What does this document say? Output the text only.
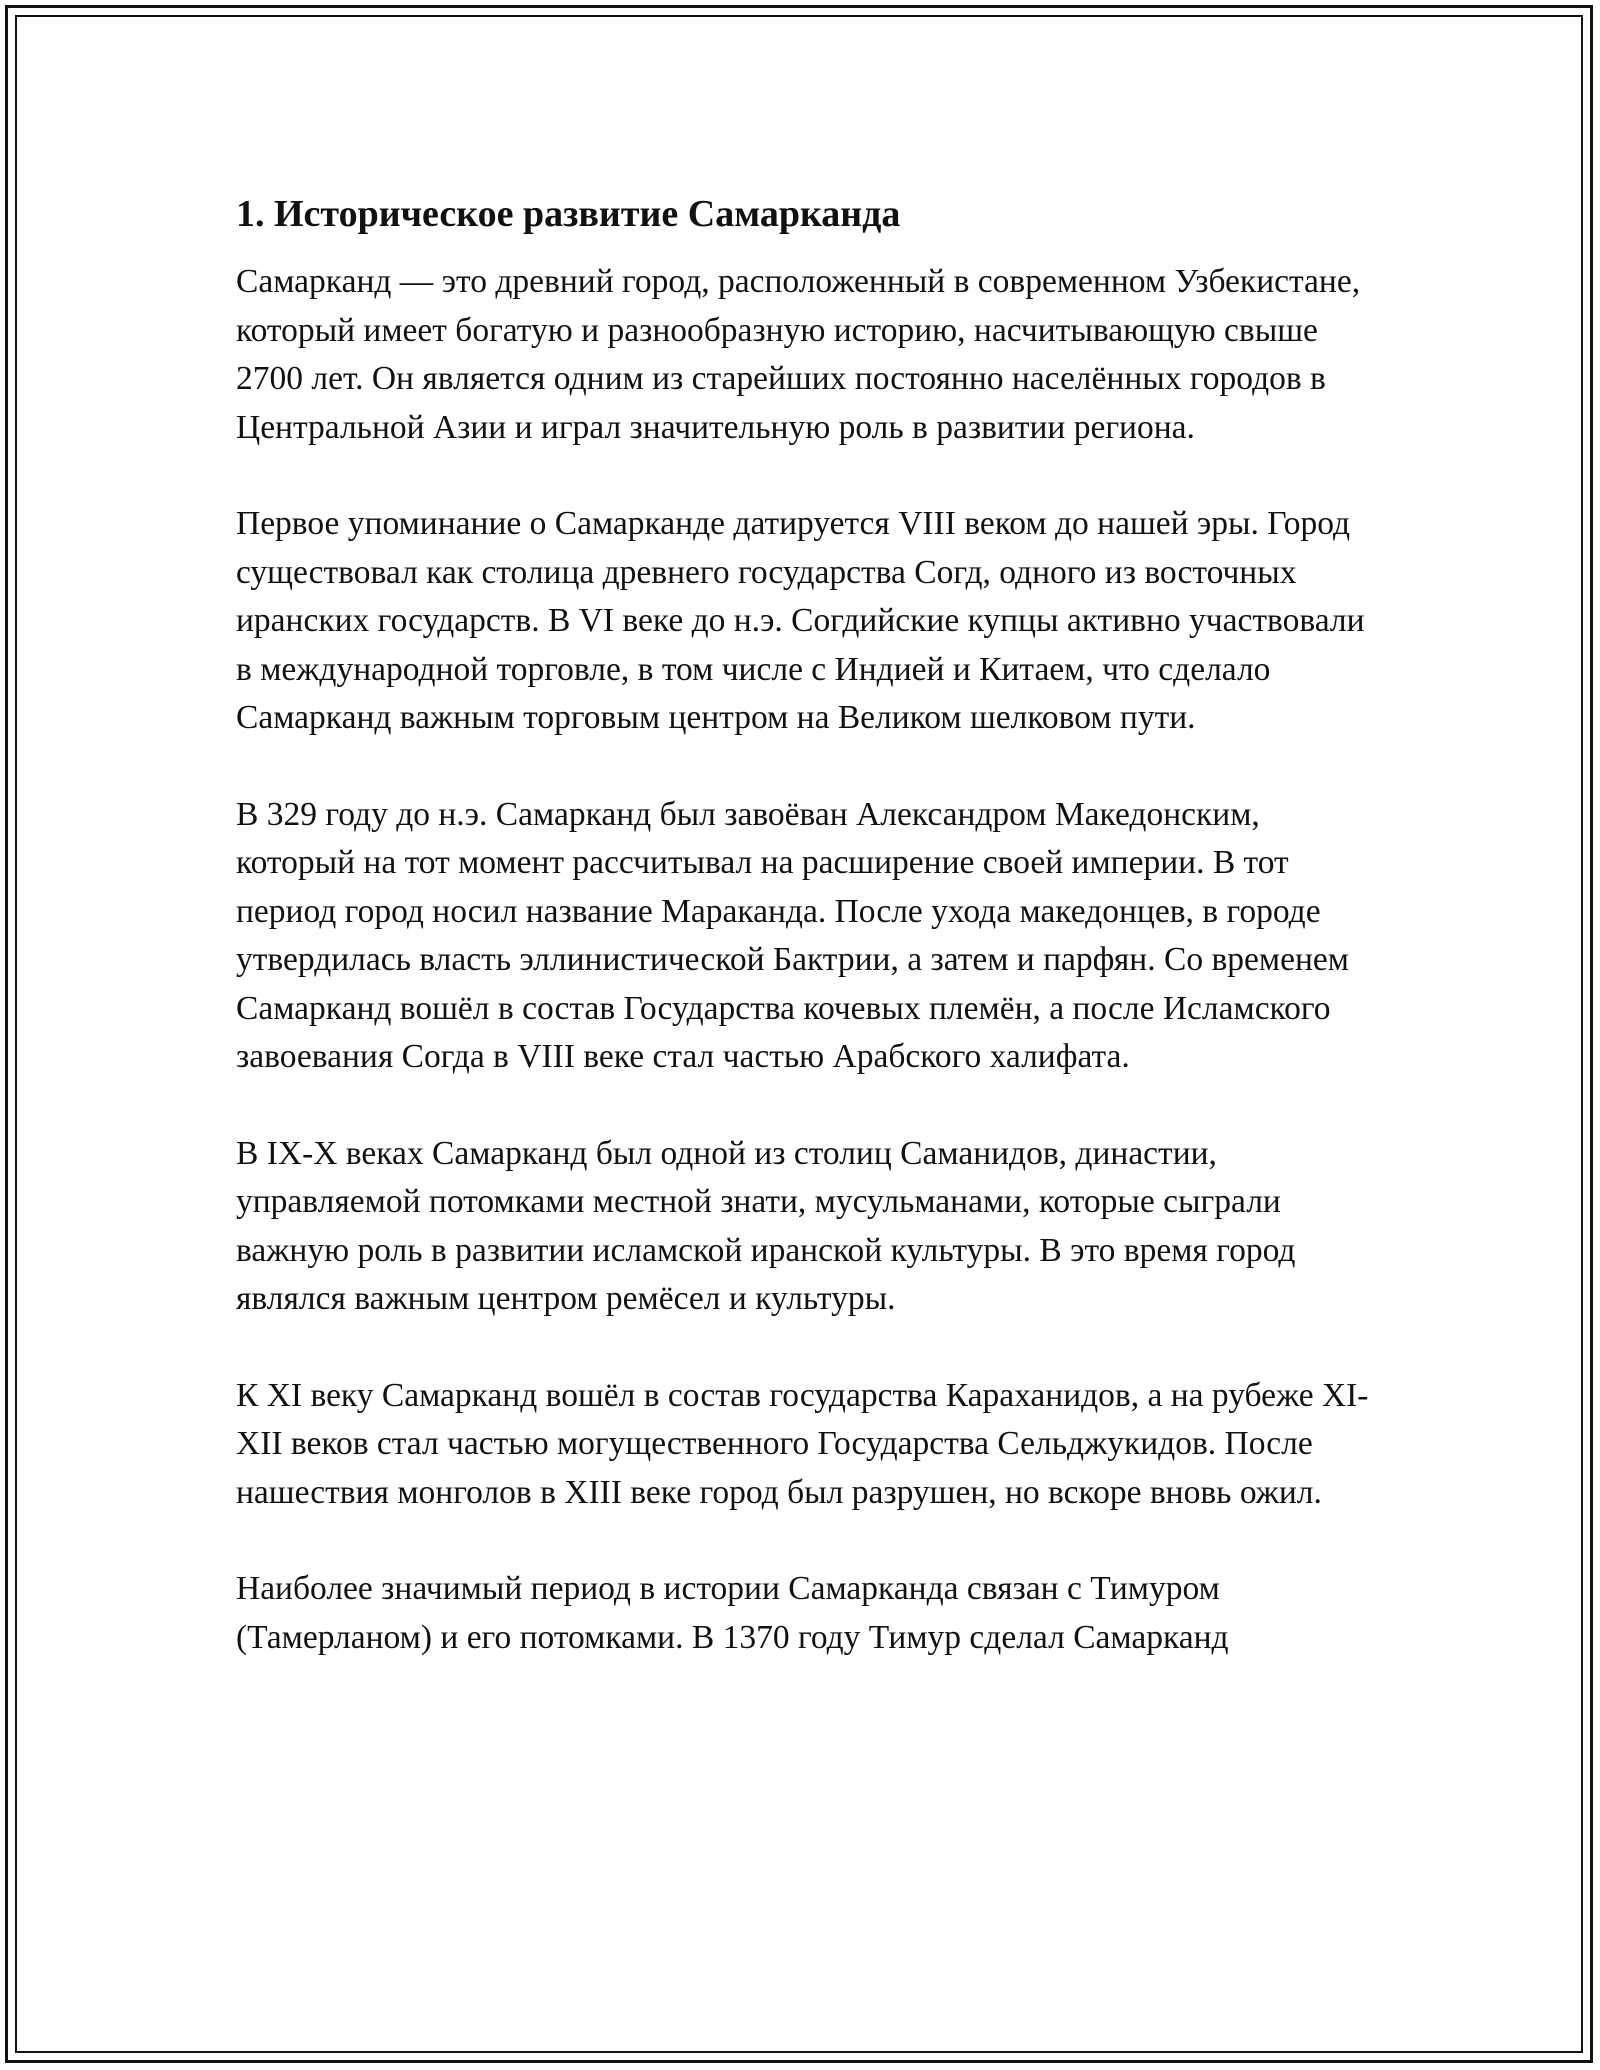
1. Историческое развитие Самарканда

Самарканд — это древний город, расположенный в современном Узбекистане, который имеет богатую и разнообразную историю, насчитывающую свыше 2700 лет. Он является одним из старейших постоянно населённых городов в Центральной Азии и играл значительную роль в развитии региона.

Первое упоминание о Самарканде датируется VIII веком до нашей эры. Город существовал как столица древнего государства Согд, одного из восточных иранских государств. В VI веке до н.э. Согдийские купцы активно участвовали в международной торговле, в том числе с Индией и Китаем, что сделало Самарканд важным торговым центром на Великом шелковом пути.

В 329 году до н.э. Самарканд был завоёван Александром Македонским, который на тот момент рассчитывал на расширение своей империи. В тот период город носил название Мараканда. После ухода македонцев, в городе утвердилась власть эллинистической Бактрии, а затем и парфян. Со временем Самарканд вошёл в состав Государства кочевых племён, а после Исламского завоевания Согда в VIII веке стал частью Арабского халифата.

В IX-X веках Самарканд был одной из столиц Саманидов, династии, управляемой потомками местной знати, мусульманами, которые сыграли важную роль в развитии исламской иранской культуры. В это время город являлся важным центром ремёсел и культуры.

К XI веку Самарканд вошёл в состав государства Караханидов, а на рубеже XI-XII веков стал частью могущественного Государства Сельджукидов. После нашествия монголов в XIII веке город был разрушен, но вскоре вновь ожил.

Наиболее значимый период в истории Самарканда связан с Тимуром (Тамерланом) и его потомками. В 1370 году Тимур сделал Самарканд
